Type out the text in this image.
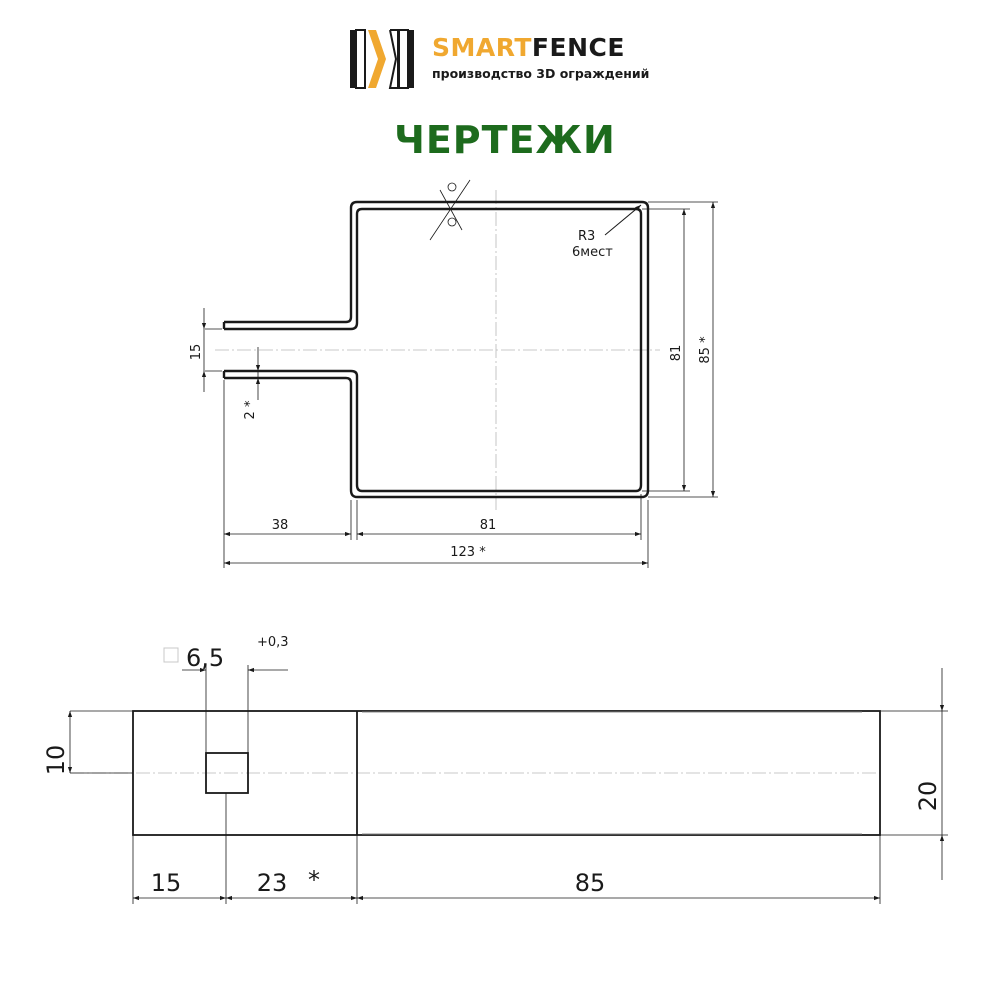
SMARTFENCE
производство 3D ограждений
ЧЕРТЕЖИ
R3
6мест
15
2 *
81 85 *
38	81
123 *
6,5
+0,3
10
20
15	23 *	85
